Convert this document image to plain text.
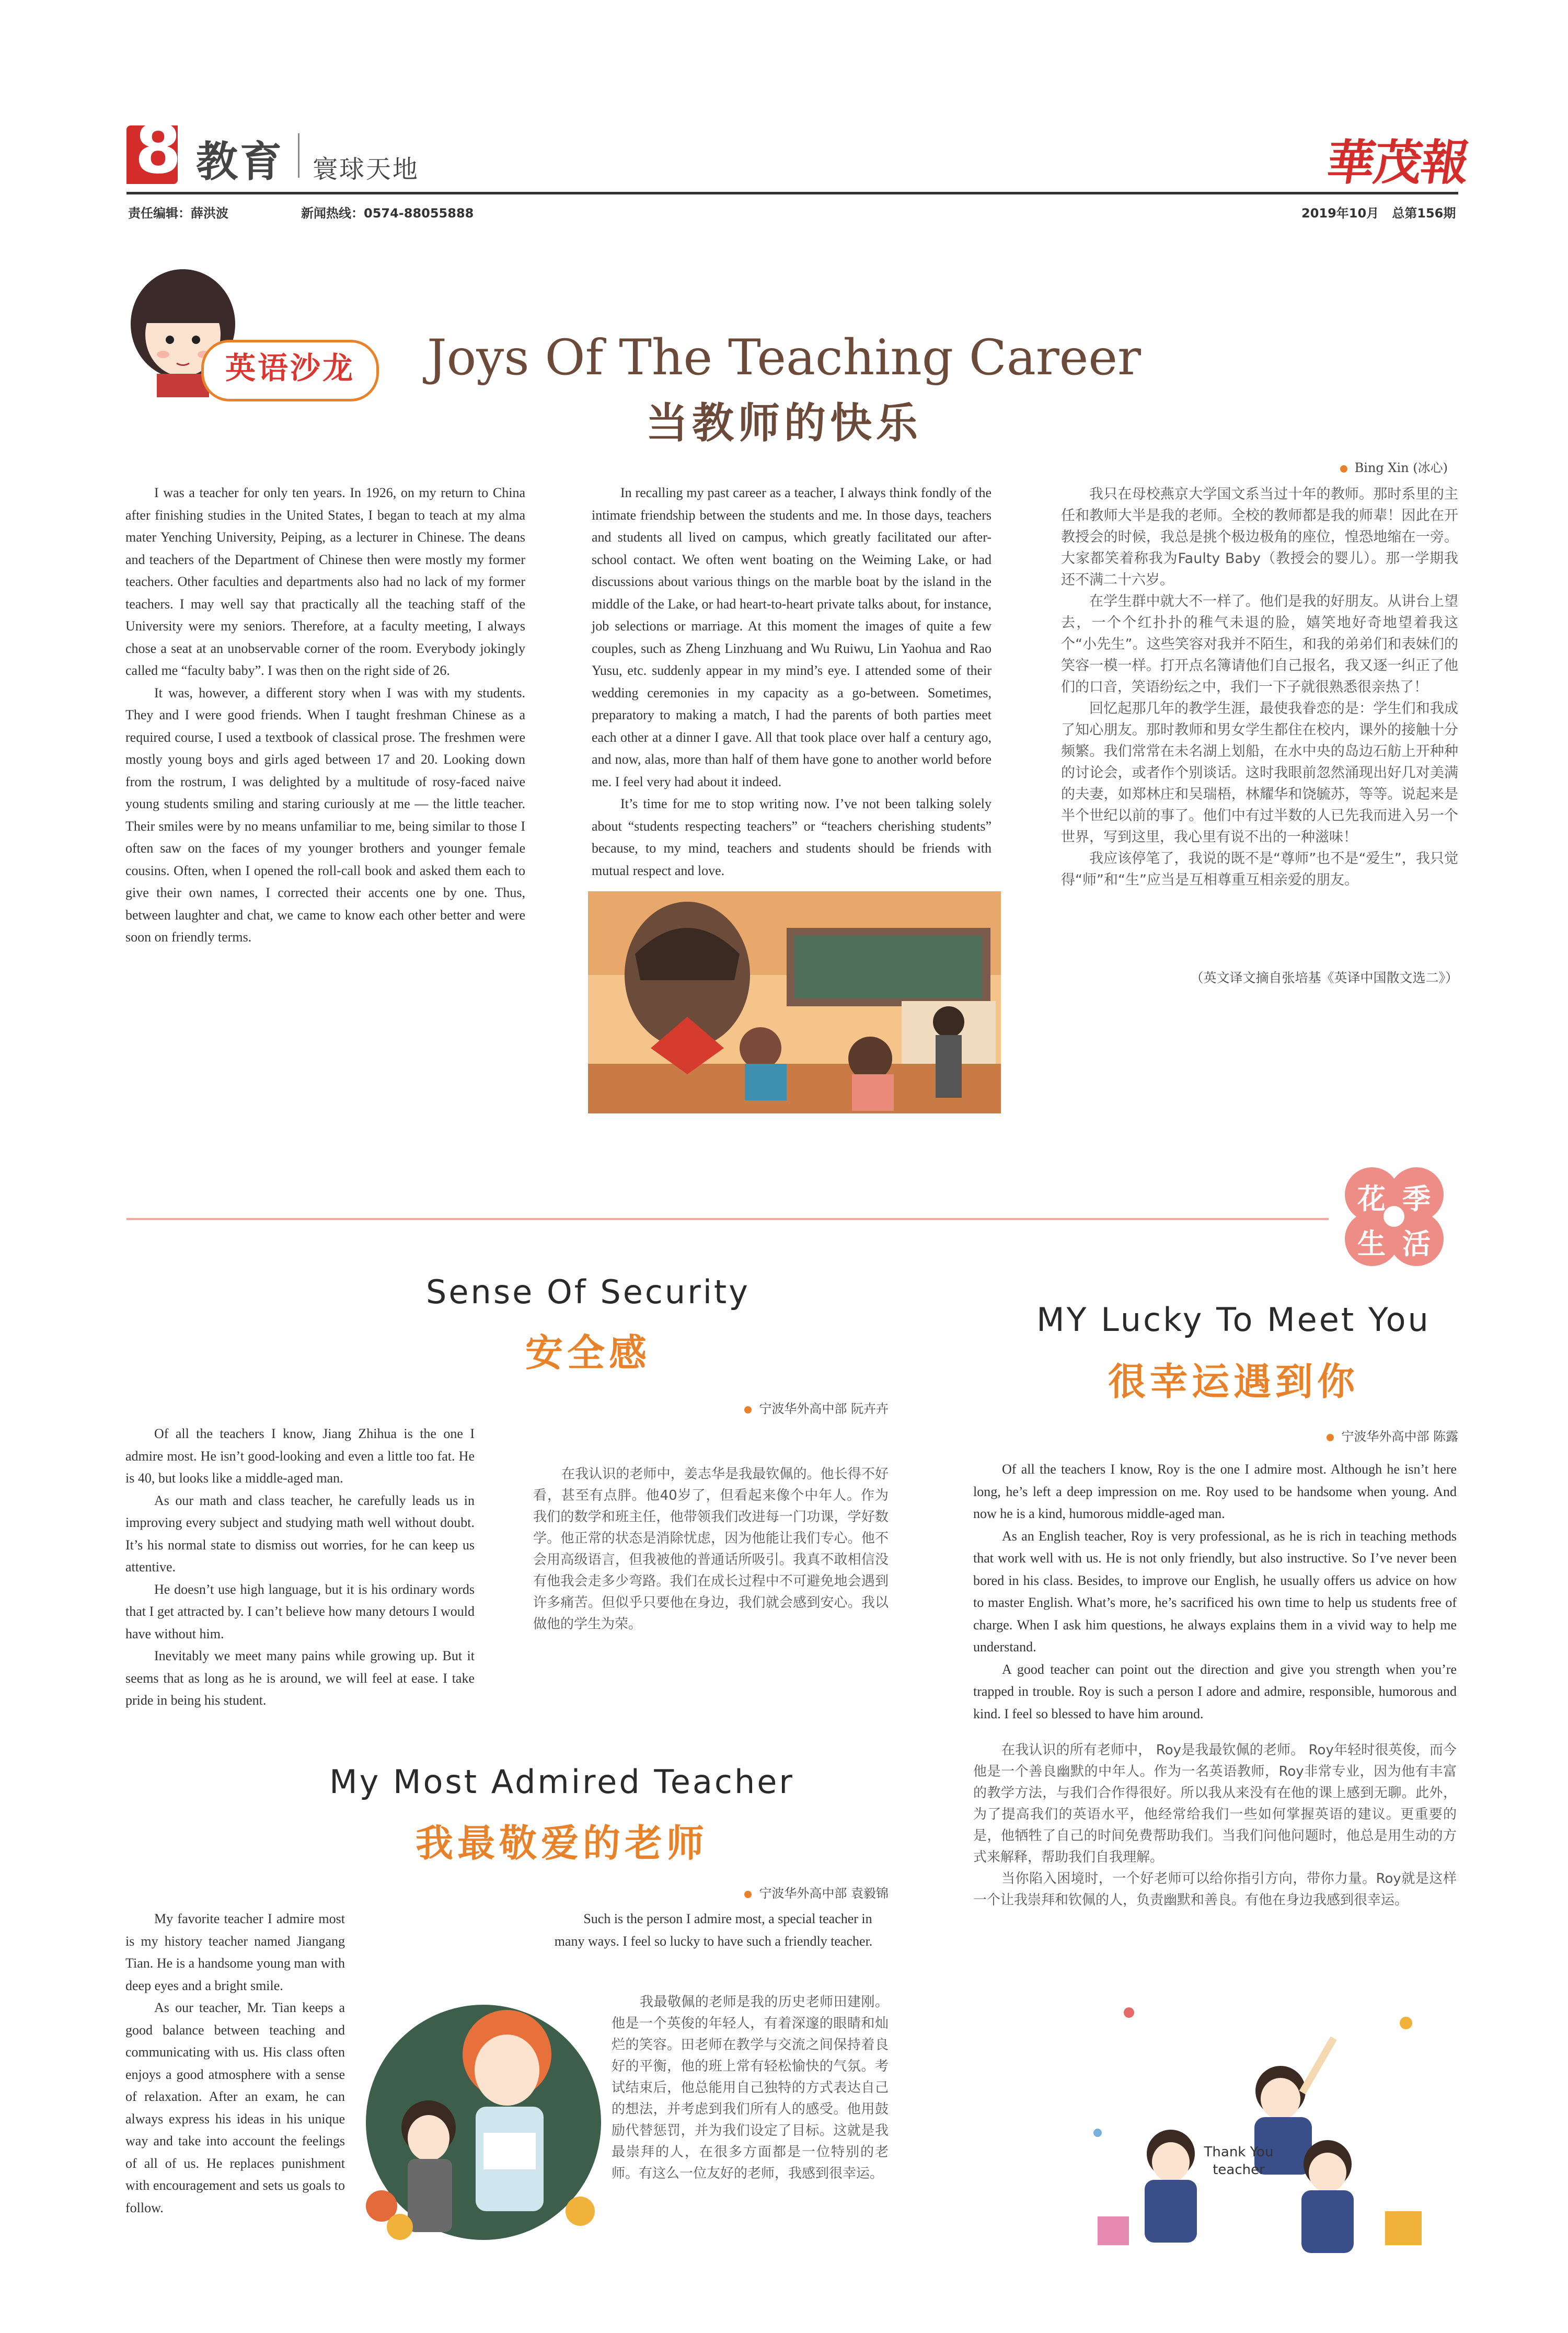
8 教育 寰球天地	華茂報
责任编辑：薛洪波	新闻热线：0574-88055888	2019年10月 总第156期
英语沙龙	Joys Of The Teaching Career
当教师的快乐
Bing Xin (冰心)

I was a teacher for only ten years. In 1926, on my return to China after finishing studies in the United States, I began to teach at my alma mater Yenching University, Peiping, as a lecturer in Chinese. The deans and teachers of the Department of Chinese then were mostly my former teachers. Other faculties and departments also had no lack of my former teachers. I may well say that practically all the teaching staff of the University were my seniors. Therefore, at a faculty meeting, I always chose a seat at an unobservable corner of the room. Everybody jokingly called me “faculty baby”. I was then on the right side of 26.

It was, however, a different story when I was with my students. They and I were good friends. When I taught freshman Chinese as a required course, I used a textbook of classical prose. The freshmen were mostly young boys and girls aged between 17 and 20. Looking down from the rostrum, I was delighted by a multitude of rosy-faced naive young students smiling and staring curiously at me — the little teacher. Their smiles were by no means unfamiliar to me, being similar to those I often saw on the faces of my younger brothers and younger female cousins. Often, when I opened the roll-call book and asked them each to give their own names, I corrected their accents one by one. Thus, between laughter and chat, we came to know each other better and were soon on friendly terms.

In recalling my past career as a teacher, I always think fondly of the intimate friendship between the students and me. In those days, teachers and students all lived on campus, which greatly facilitated our after-school contact. We often went boating on the Weiming Lake, or had discussions about various things on the marble boat by the island in the middle of the Lake, or had heart-to-heart private talks about, for instance, job selections or marriage. At this moment the images of quite a few couples, such as Zheng Linzhuang and Wu Ruiwu, Lin Yaohua and Rao Yusu, etc. suddenly appear in my mind’s eye. I attended some of their wedding ceremonies in my capacity as a go-between. Sometimes, preparatory to making a match, I had the parents of both parties meet each other at a dinner I gave. All that took place over half a century ago, and now, alas, more than half of them have gone to another world before me. I feel very had about it indeed.

It’s time for me to stop writing now. I’ve not been talking solely about “students respecting teachers” or “teachers cherishing students” because, to my mind, teachers and students should be friends with mutual respect and love.

我只在母校燕京大学国文系当过十年的教师。那时系里的主任和教师大半是我的老师。全校的教师都是我的师辈！因此在开教授会的时候，我总是挑个极边极角的座位，惶恐地缩在一旁。大家都笑着称我为Faulty Baby（教授会的婴儿）。那一学期我还不满二十六岁。

在学生群中就大不一样了。他们是我的好朋友。从讲台上望去，一个个红扑扑的稚气未退的脸，嬉笑地好奇地望着我这个“小先生”。这些笑容对我并不陌生，和我的弟弟们和表妹们的笑容一模一样。打开点名簿请他们自己报名，我又逐一纠正了他们的口音，笑语纷纭之中，我们一下子就很熟悉很亲热了！

回忆起那几年的教学生涯，最使我眷恋的是：学生们和我成了知心朋友。那时教师和男女学生都住在校内，课外的接触十分频繁。我们常常在未名湖上划船，在水中央的岛边石舫上开种种的讨论会，或者作个别谈话。这时我眼前忽然涌现出好几对美满的夫妻，如郑林庄和吴瑞梧，林耀华和饶毓苏，等等。说起来是半个世纪以前的事了。他们中有过半数的人已先我而进入另一个世界，写到这里，我心里有说不出的一种滋味！

我应该停笔了，我说的既不是“尊师”也不是“爱生”，我只觉得“师”和“生”应当是互相尊重互相亲爱的朋友。

（英文译文摘自张培基《英译中国散文选二》）
花 季
生 活
Sense Of Security
安全感
宁波华外高中部 阮卉卉

Of all the teachers I know, Jiang Zhihua is the one I admire most. He isn’t good-looking and even a little too fat. He is 40, but looks like a middle-aged man.

As our math and class teacher, he carefully leads us in improving every subject and studying math well without doubt. It’s his normal state to dismiss out worries, for he can keep us attentive.

He doesn’t use high language, but it is his ordinary words that I get attracted by. I can’t believe how many detours I would have without him.

Inevitably we meet many pains while growing up. But it seems that as long as he is around, we will feel at ease. I take pride in being his student.

在我认识的老师中，姜志华是我最钦佩的。他长得不好看，甚至有点胖。他40岁了，但看起来像个中年人。作为我们的数学和班主任，他带领我们改进每一门功课，学好数学。他正常的状态是消除忧虑，因为他能让我们专心。他不会用高级语言，但我被他的普通话所吸引。我真不敢相信没有他我会走多少弯路。我们在成长过程中不可避免地会遇到许多痛苦。但似乎只要他在身边，我们就会感到安心。我以做他的学生为荣。

My Most Admired Teacher
我最敬爱的老师
宁波华外高中部 袁毅锦

My favorite teacher I admire most is my history teacher named Jiangang Tian. He is a handsome young man with deep eyes and a bright smile.

As our teacher, Mr. Tian keeps a good balance between teaching and communicating with us. His class often enjoys a good atmosphere with a sense of relaxation. After an exam, he can always express his ideas in his unique way and take into account the feelings of all of us. He replaces punishment with encouragement and sets us goals to follow.

Such is the person I admire most, a special teacher in many ways. I feel so lucky to have such a friendly teacher.

我最敬佩的老师是我的历史老师田建刚。他是一个英俊的年轻人，有着深邃的眼睛和灿烂的笑容。田老师在教学与交流之间保持着良好的平衡，他的班上常有轻松愉快的气氛。考试结束后，他总能用自己独特的方式表达自己的想法，并考虑到我们所有人的感受。他用鼓励代替惩罚，并为我们设定了目标。这就是我最崇拜的人，在很多方面都是一位特别的老师。有这么一位友好的老师，我感到很幸运。

MY Lucky To Meet You
很幸运遇到你
宁波华外高中部 陈露

Of all the teachers I know, Roy is the one I admire most. Although he isn’t here long, he’s left a deep impression on me. Roy used to be handsome when young. And now he is a kind, humorous middle-aged man.

As an English teacher, Roy is very professional, as he is rich in teaching methods that work well with us. He is not only friendly, but also instructive. So I’ve never been bored in his class. Besides, to improve our English, he usually offers us advice on how to master English. What’s more, he’s sacrificed his own time to help us students free of charge. When I ask him questions, he always explains them in a vivid way to help me understand.

A good teacher can point out the direction and give you strength when you’re trapped in trouble. Roy is such a person I adore and admire, responsible, humorous and kind. I feel so blessed to have him around.

在我认识的所有老师中， Roy是我最钦佩的老师。 Roy年轻时很英俊，而今他是一个善良幽默的中年人。作为一名英语教师，Roy非常专业，因为他有丰富的教学方法，与我们合作得很好。所以我从来没有在他的课上感到无聊。此外，为了提高我们的英语水平，他经常给我们一些如何掌握英语的建议。更重要的是，他牺牲了自己的时间免费帮助我们。当我们问他问题时，他总是用生动的方式来解释，帮助我们自我理解。

当你陷入困境时，一个好老师可以给你指引方向，带你力量。Roy就是这样一个让我崇拜和钦佩的人，负责幽默和善良。有他在身边我感到很幸运。

Thank You teacher
